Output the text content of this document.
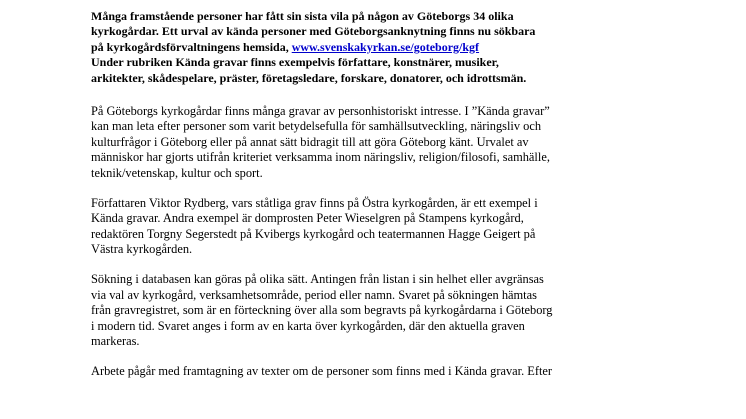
Många framstående personer har fått sin sista vila på någon av Göteborgs 34 olika
kyrkogårdar. Ett urval av kända personer med Göteborgsanknytning finns nu sökbara
på kyrkogårdsförvaltningens hemsida, www.svenskakyrkan.se/goteborg/kgf
Under rubriken Kända gravar finns exempelvis författare, konstnärer, musiker,
arkitekter, skådespelare, präster, företagsledare, forskare, donatorer, och idrottsmän.
På Göteborgs kyrkogårdar finns många gravar av personhistoriskt intresse. I ”Kända gravar”
kan man leta efter personer som varit betydelsefulla för samhällsutveckling, näringsliv och
kulturfrågor i Göteborg eller på annat sätt bidragit till att göra Göteborg känt. Urvalet av
människor har gjorts utifrån kriteriet verksamma inom näringsliv, religion/filosofi, samhälle,
teknik/vetenskap, kultur och sport.
Författaren Viktor Rydberg, vars ståtliga grav finns på Östra kyrkogården, är ett exempel i
Kända gravar. Andra exempel är domprosten Peter Wieselgren på Stampens kyrkogård,
redaktören Torgny Segerstedt på Kvibergs kyrkogård och teatermannen Hagge Geigert på
Västra kyrkogården.
Sökning i databasen kan göras på olika sätt. Antingen från listan i sin helhet eller avgränsas
via val av kyrkogård, verksamhetsområde, period eller namn. Svaret på sökningen hämtas
från gravregistret, som är en förteckning över alla som begravts på kyrkogårdarna i Göteborg
i modern tid. Svaret anges i form av en karta över kyrkogården, där den aktuella graven
markeras.
Arbete pågår med framtagning av texter om de personer som finns med i Kända gravar. Efter
